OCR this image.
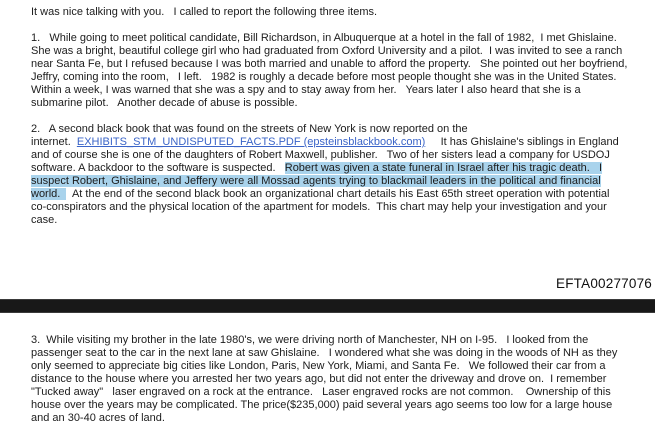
It was nice talking with you.   I called to report the following three items.
1.   While going to meet political candidate, Bill Richardson, in Albuquerque at a hotel in the fall of 1982,  I met Ghislaine.
She was a bright, beautiful college girl who had graduated from Oxford University and a pilot.  I was invited to see a ranch
near Santa Fe, but I refused because I was both married and unable to afford the property.   She pointed out her boyfriend,
Jeffry, coming into the room,   I left.   1982 is roughly a decade before most people thought she was in the United States.
Within a week, I was warned that she was a spy and to stay away from her.   Years later I also heard that she is a
submarine pilot.   Another decade of abuse is possible.
2.   A second black book that was found on the streets of New York is now reported on the
internet.  EXHIBITS_STM_UNDISPUTED_FACTS.PDF (epsteinsblackbook.com)     It has Ghislaine's siblings in England
and of course she is one of the daughters of Robert Maxwell, publisher.   Two of her sisters lead a company for USDOJ
software. A backdoor to the software is suspected.   Robert was given a state funeral in Israel after his tragic death.   I
suspect Robert, Ghislaine, and Jeffery were all Mossad agents trying to blackmail leaders in the political and financial
world.    At the end of the second black book an organizational chart details his East 65th street operation with potential
co-conspirators and the physical location of the apartment for models.  This chart may help your investigation and your
case.
EFTA00277076
3.  While visiting my brother in the late 1980's, we were driving north of Manchester, NH on I-95.   I looked from the
passenger seat to the car in the next lane at saw Ghislaine.   I wondered what she was doing in the woods of NH as they
only seemed to appreciate big cities like London, Paris, New York, Miami, and Santa Fe.   We followed their car from a
distance to the house where you arrested her two years ago, but did not enter the driveway and drove on.  I remember
"Tucked away"   laser engraved on a rock at the entrance.   Laser engraved rocks are not common.    Ownership of this
house over the years may be complicated. The price($235,000) paid several years ago seems too low for a large house
and an 30-40 acres of land.
